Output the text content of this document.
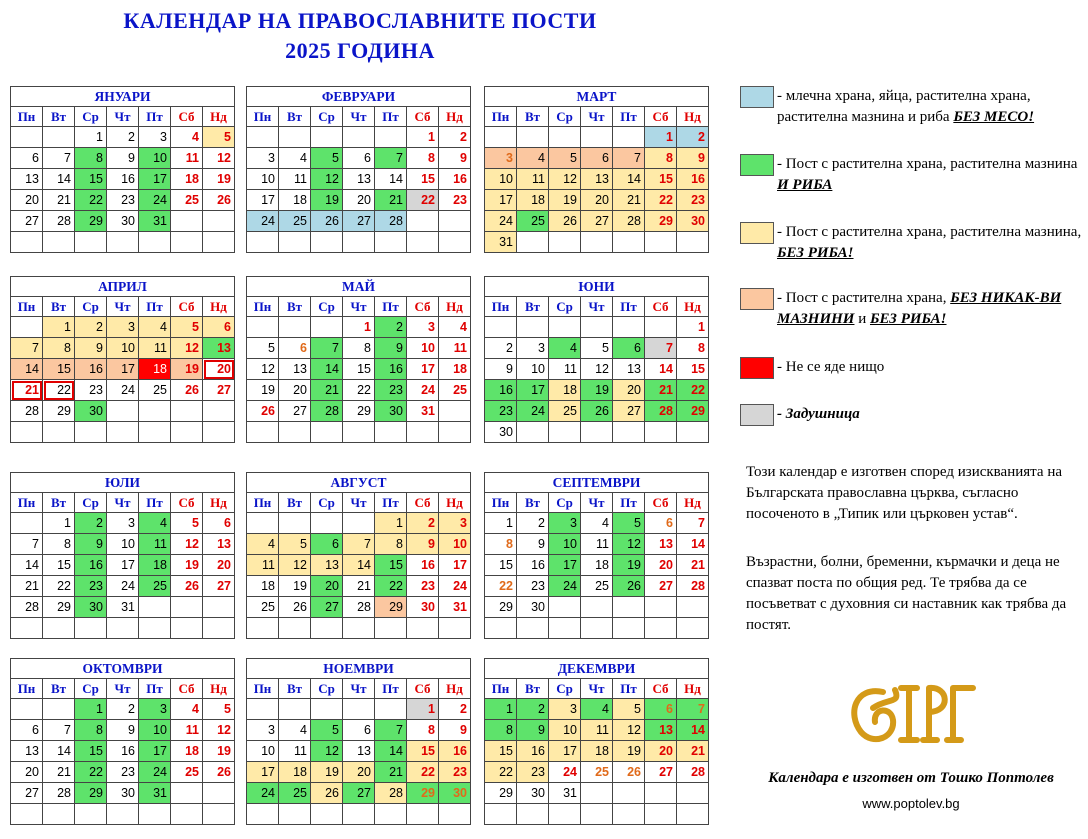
КАЛЕНДАР НА ПРАВОСЛАВНИТЕ ПОСТИ
2025 ГОДИНА
ЯНУАРИ						
Пн	Вт	Ср	Чт	Пт	Сб	Нд
		1	2	3	4	5
6	7	8	9	10	11	12
13	14	15	16	17	18	19
20	21	22	23	24	25	26
27	28	29	30	31		

ФЕВРУАРИ						
Пн	Вт	Ср	Чт	Пт	Сб	Нд
					1	2
3	4	5	6	7	8	9
10	11	12	13	14	15	16
17	18	19	20	21	22	23
24	25	26	27	28		

МАРТ						
Пн	Вт	Ср	Чт	Пт	Сб	Нд
					1	2
3	4	5	6	7	8	9
10	11	12	13	14	15	16
17	18	19	20	21	22	23
24	25	26	27	28	29	30
31						
АПРИЛ						
Пн	Вт	Ср	Чт	Пт	Сб	Нд
	1	2	3	4	5	6
7	8	9	10	11	12	13
14	15	16	17	18	19	20
21	22	23	24	25	26	27
28	29	30				

МАЙ						
Пн	Вт	Ср	Чт	Пт	Сб	Нд
			1	2	3	4
5	6	7	8	9	10	11
12	13	14	15	16	17	18
19	20	21	22	23	24	25
26	27	28	29	30	31	

ЮНИ						
Пн	Вт	Ср	Чт	Пт	Сб	Нд
						1
2	3	4	5	6	7	8
9	10	11	12	13	14	15
16	17	18	19	20	21	22
23	24	25	26	27	28	29
30						
ЮЛИ						
Пн	Вт	Ср	Чт	Пт	Сб	Нд
	1	2	3	4	5	6
7	8	9	10	11	12	13
14	15	16	17	18	19	20
21	22	23	24	25	26	27
28	29	30	31			

АВГУСТ						
Пн	Вт	Ср	Чт	Пт	Сб	Нд
				1	2	3
4	5	6	7	8	9	10
11	12	13	14	15	16	17
18	19	20	21	22	23	24
25	26	27	28	29	30	31

СЕПТЕМВРИ						
Пн	Вт	Ср	Чт	Пт	Сб	Нд
1	2	3	4	5	6	7
8	9	10	11	12	13	14
15	16	17	18	19	20	21
22	23	24	25	26	27	28
29	30					

ОКТОМВРИ						
Пн	Вт	Ср	Чт	Пт	Сб	Нд
		1	2	3	4	5
6	7	8	9	10	11	12
13	14	15	16	17	18	19
20	21	22	23	24	25	26
27	28	29	30	31		

НОЕМВРИ						
Пн	Вт	Ср	Чт	Пт	Сб	Нд
					1	2
3	4	5	6	7	8	9
10	11	12	13	14	15	16
17	18	19	20	21	22	23
24	25	26	27	28	29	30

ДЕКЕМВРИ						
Пн	Вт	Ср	Чт	Пт	Сб	Нд
1	2	3	4	5	6	7
8	9	10	11	12	13	14
15	16	17	18	19	20	21
22	23	24	25	26	27	28
29	30	31				

- млечна храна, яйца, растителна храна, растителна мазнина и риба БЕЗ МЕСО!
- Пост с растителна храна, растителна мазнина И РИБА
- Пост с растителна храна, растителна мазнина, БЕЗ РИБА!
- Пост с растителна храна, БЕЗ НИКАК-ВИ МАЗНИНИ и БЕЗ РИБА!
- Не се яде нищо
- Задушница
Този календар е изготвен според изискванията на Българската православна църква, съгласно посоченото в „Типик или църковен устав“.
Възрастни, болни, бременни, кърмачки и деца не спазват поста по общия ред. Те трябва да се посъветват с духовния си наставник как трябва да постят.
Календара е изготвен от Тошко Поптолев
www.poptolev.bg
